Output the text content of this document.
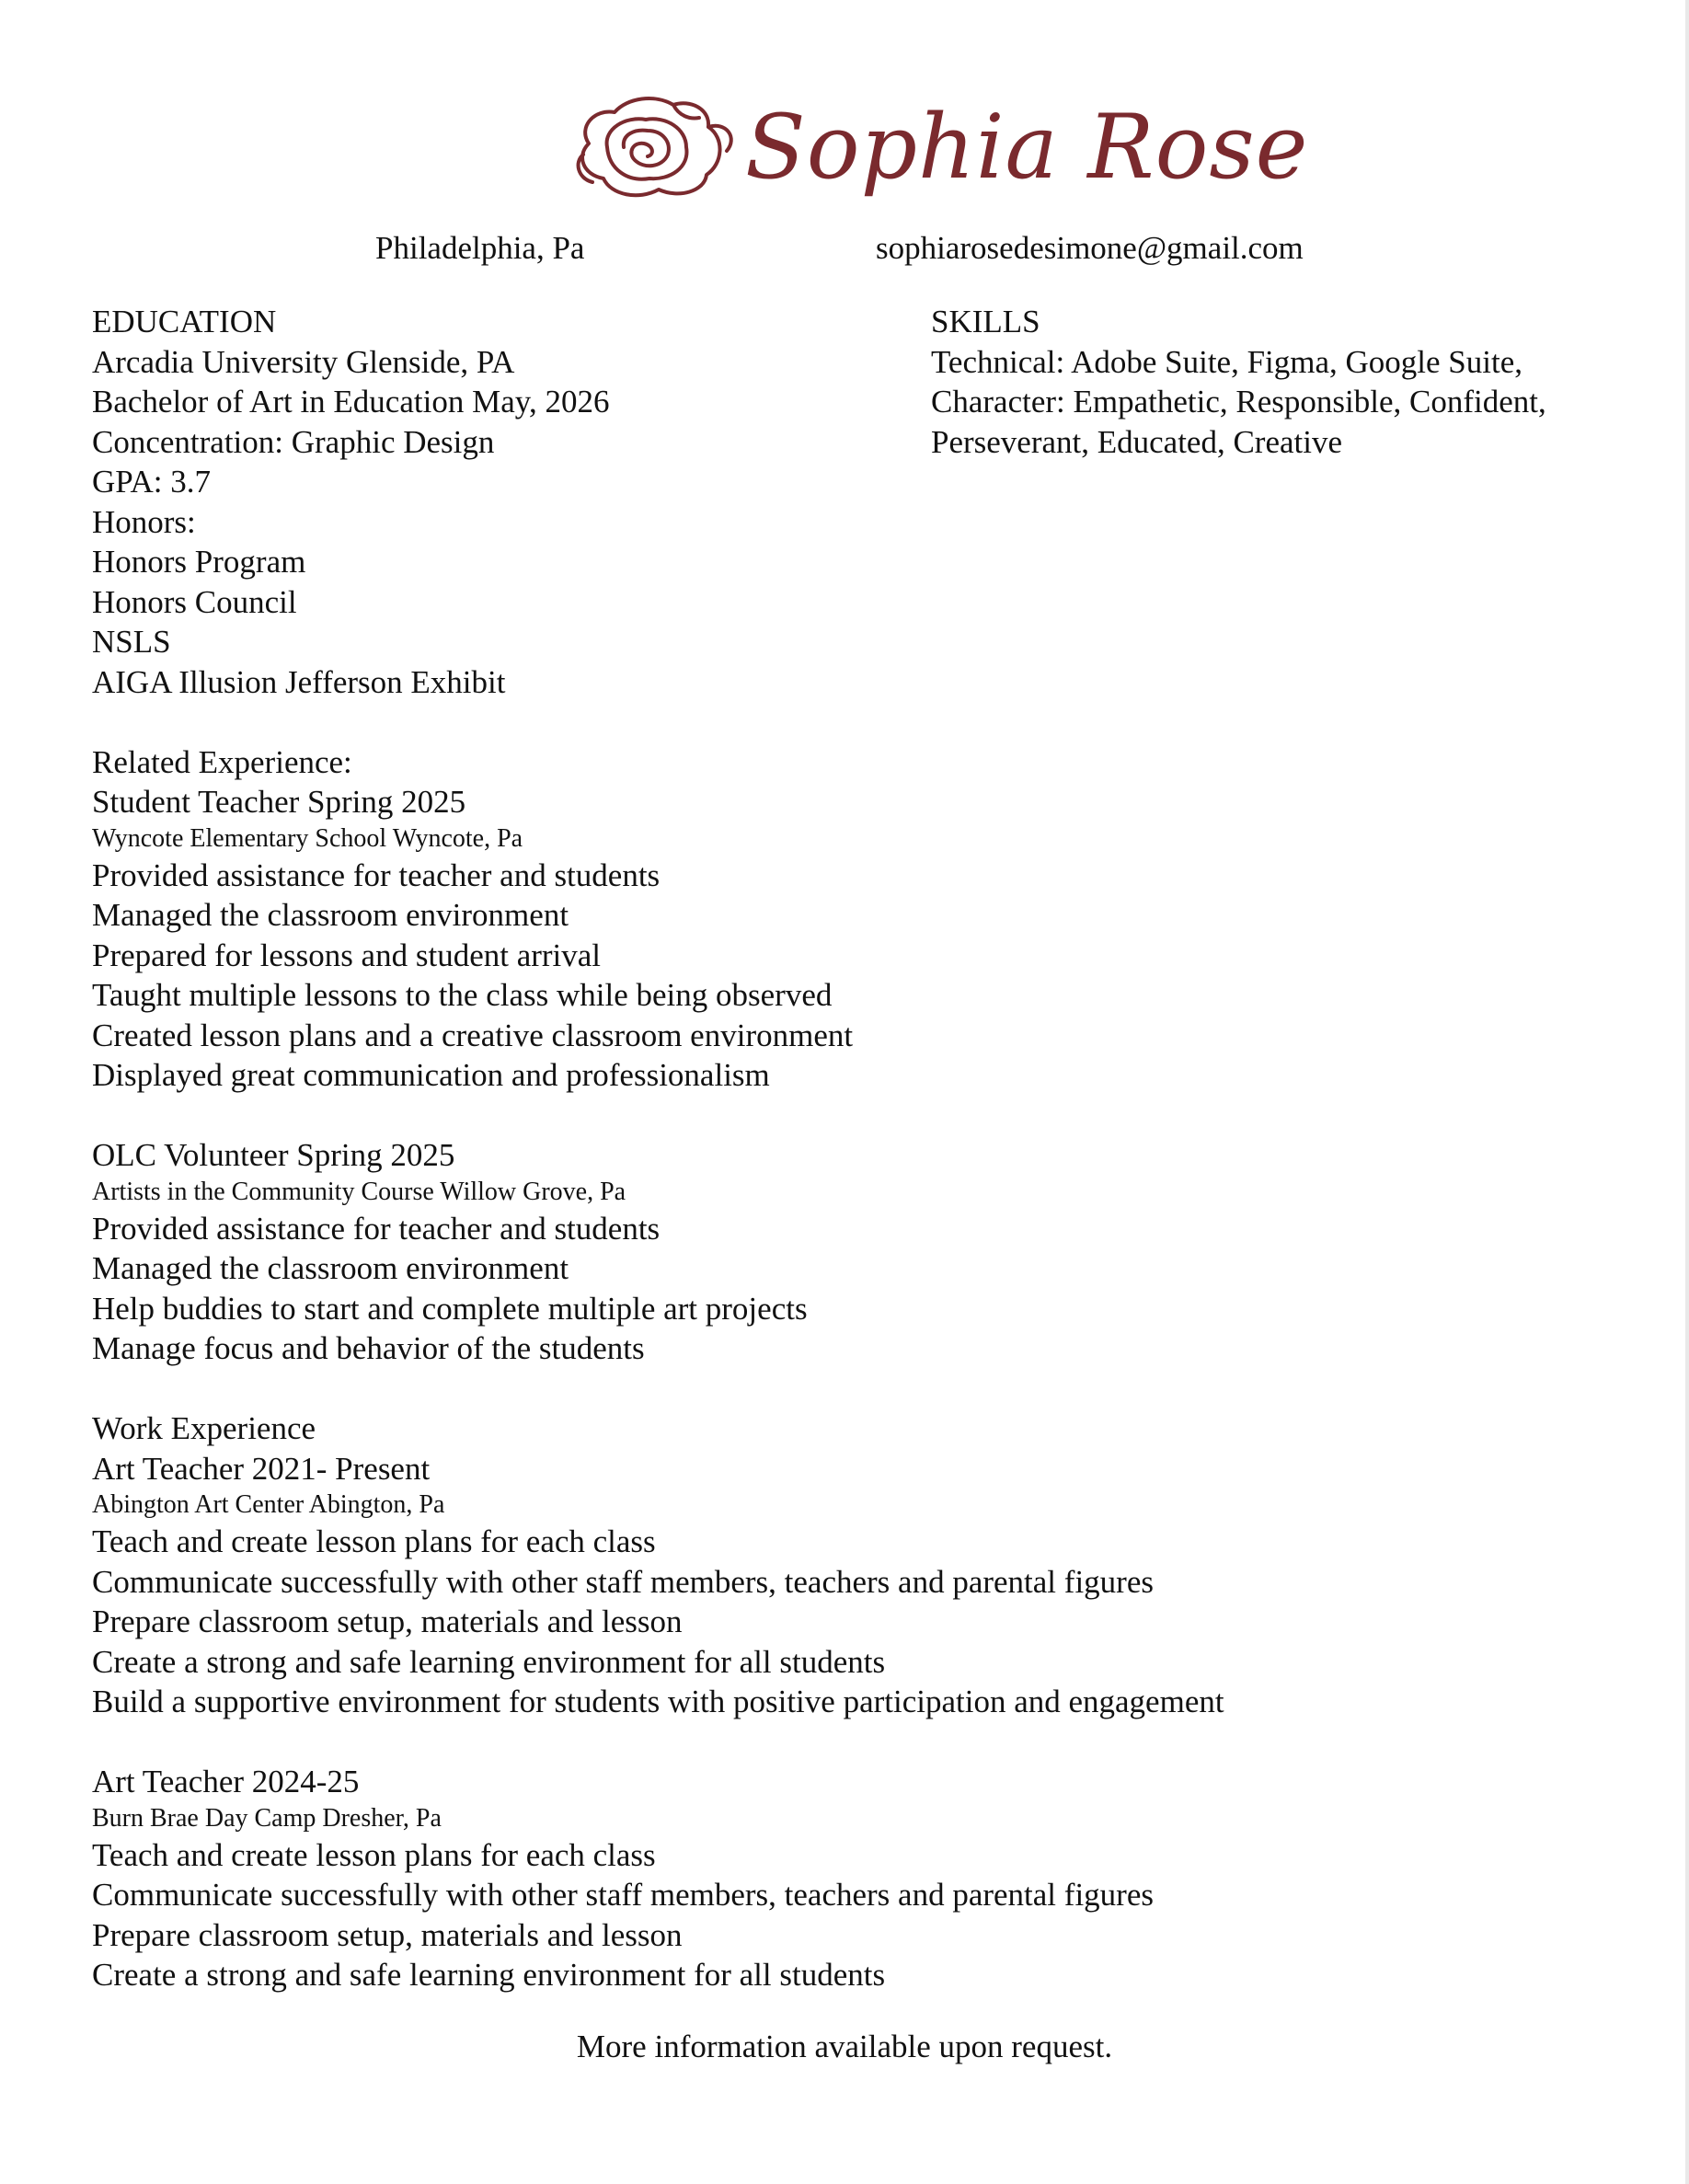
Sophia Rose
Philadelphia, Pa	sophiarosedesimone@gmail.com
EDUCATION
Arcadia University Glenside, PA
Bachelor of Art in Education May, 2026
Concentration: Graphic Design
GPA: 3.7
Honors:
Honors Program
Honors Council
NSLS
AIGA Illusion Jefferson Exhibit
Related Experience:
Student Teacher Spring 2025
Wyncote Elementary School Wyncote, Pa
Provided assistance for teacher and students
Managed the classroom environment
Prepared for lessons and student arrival
Taught multiple lessons to the class while being observed
Created lesson plans and a creative classroom environment
Displayed great communication and professionalism
OLC Volunteer Spring 2025
Artists in the Community Course Willow Grove, Pa
Provided assistance for teacher and students
Managed the classroom environment
Help buddies to start and complete multiple art projects
Manage focus and behavior of the students
Work Experience
Art Teacher 2021- Present
Abington Art Center Abington, Pa
Teach and create lesson plans for each class
Communicate successfully with other staff members, teachers and parental figures
Prepare classroom setup, materials and lesson
Create a strong and safe learning environment for all students
Build a supportive environment for students with positive participation and engagement
Art Teacher 2024-25
Burn Brae Day Camp Dresher, Pa
Teach and create lesson plans for each class
Communicate successfully with other staff members, teachers and parental figures
Prepare classroom setup, materials and lesson
Create a strong and safe learning environment for all students
SKILLS
Technical: Adobe Suite, Figma, Google Suite,
Character: Empathetic, Responsible, Confident,
Perseverant, Educated, Creative
More information available upon request.
